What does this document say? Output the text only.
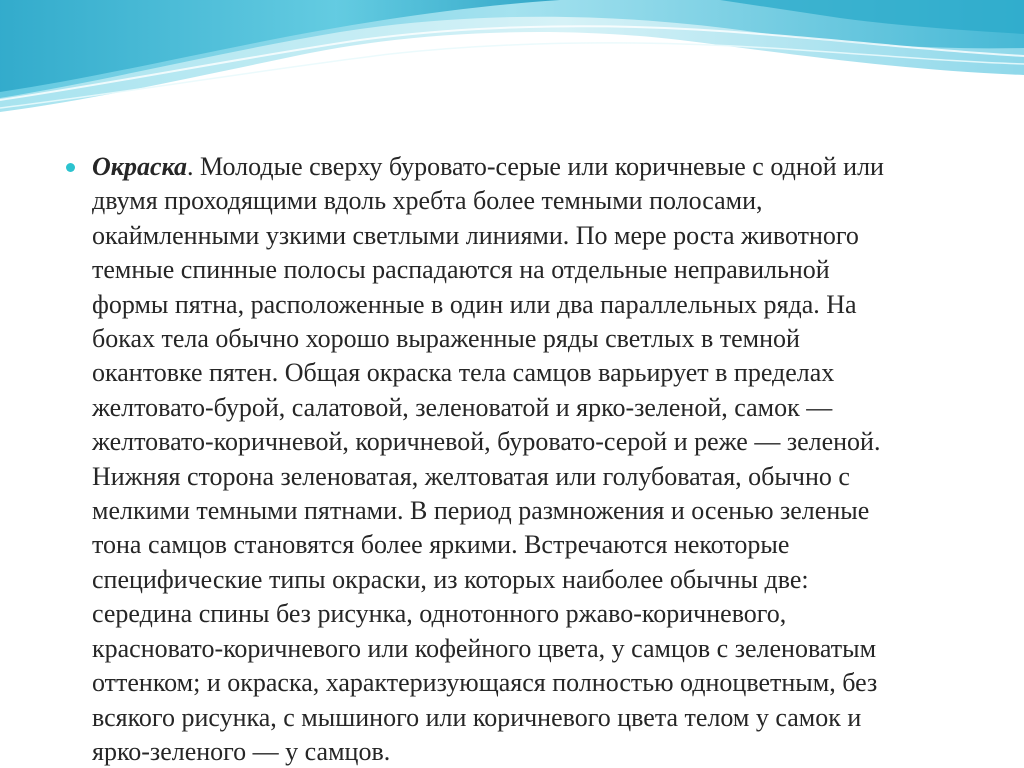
Окраска. Молодые сверху буровато-серые или коричневые с одной или
двумя проходящими вдоль хребта более темными полосами,
окаймленными узкими светлыми линиями. По мере роста животного
темные спинные полосы распадаются на отдельные неправильной
формы пятна, расположенные в один или два параллельных ряда. На
боках тела обычно хорошо выраженные ряды светлых в темной
окантовке пятен. Общая окраска тела самцов варьирует в пределах
желтовато-бурой, салатовой, зеленоватой и ярко-зеленой, самок —
желтовато-коричневой, коричневой, буровато-серой и реже — зеленой.
Нижняя сторона зеленоватая, желтоватая или голубоватая, обычно с
мелкими темными пятнами. В период размножения и осенью зеленые
тона самцов становятся более яркими. Встречаются некоторые
специфические типы окраски, из которых наиболее обычны две:
середина спины без рисунка, однотонного ржаво-коричневого,
красновато-коричневого или кофейного цвета, у самцов с зеленоватым
оттенком; и окраска, характеризующаяся полностью одноцветным, без
всякого рисунка, с мышиного или коричневого цвета телом у самок и
ярко-зеленого — у самцов.
